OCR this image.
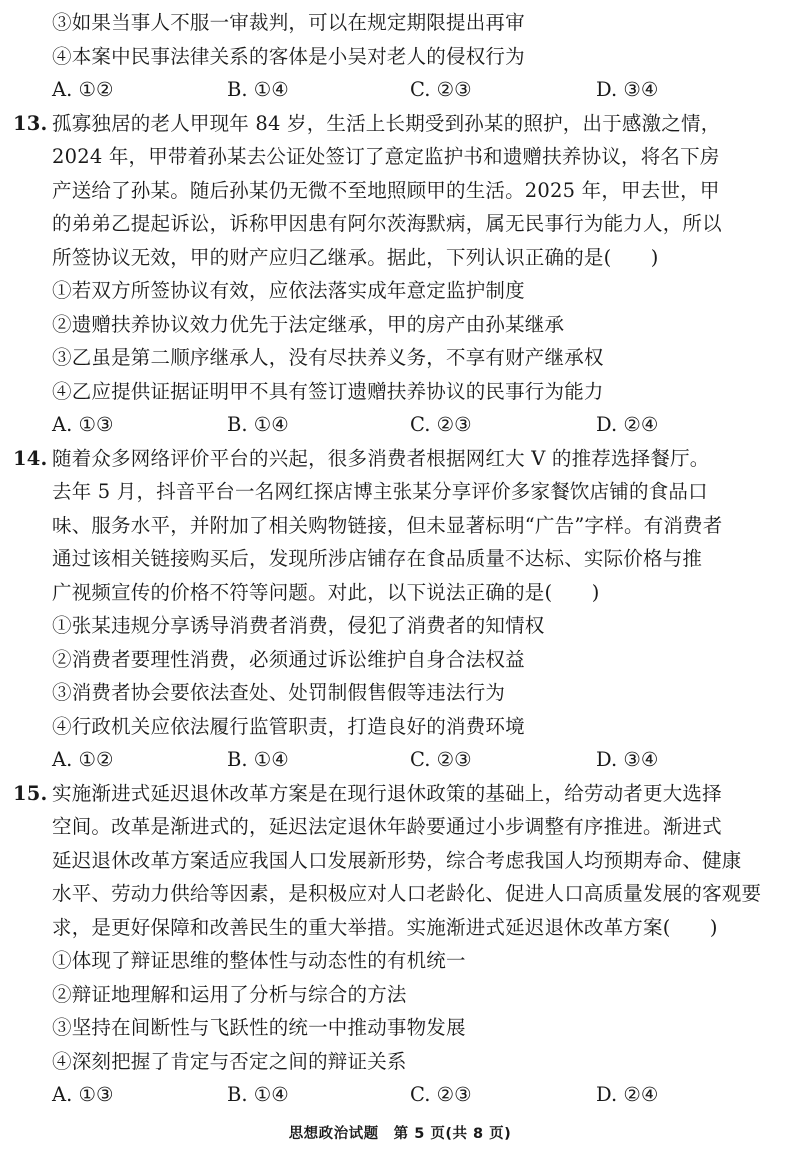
③如果当事人不服一审裁判，可以在规定期限提出再审
④本案中民事法律关系的客体是小吴对老人的侵权行为
A. ①②	B. ①④	C. ②③	D. ③④
13. 孤寡独居的老人甲现年 84 岁，生活上长期受到孙某的照护，出于感激之情，
2024 年，甲带着孙某去公证处签订了意定监护书和遗赠扶养协议，将名下房
产送给了孙某。随后孙某仍无微不至地照顾甲的生活。2025 年，甲去世，甲
的弟弟乙提起诉讼，诉称甲因患有阿尔茨海默病，属无民事行为能力人，所以
所签协议无效，甲的财产应归乙继承。据此，下列认识正确的是(　　)
①若双方所签协议有效，应依法落实成年意定监护制度
②遗赠扶养协议效力优先于法定继承，甲的房产由孙某继承
③乙虽是第二顺序继承人，没有尽扶养义务，不享有财产继承权
④乙应提供证据证明甲不具有签订遗赠扶养协议的民事行为能力
A. ①③	B. ①④	C. ②③	D. ②④
14. 随着众多网络评价平台的兴起，很多消费者根据网红大 V 的推荐选择餐厅。
去年 5 月，抖音平台一名网红探店博主张某分享评价多家餐饮店铺的食品口
味、服务水平，并附加了相关购物链接，但未显著标明“广告”字样。有消费者
通过该相关链接购买后，发现所涉店铺存在食品质量不达标、实际价格与推
广视频宣传的价格不符等问题。对此，以下说法正确的是(　　)
①张某违规分享诱导消费者消费，侵犯了消费者的知情权
②消费者要理性消费，必须通过诉讼维护自身合法权益
③消费者协会要依法查处、处罚制假售假等违法行为
④行政机关应依法履行监管职责，打造良好的消费环境
A. ①②	B. ①④	C. ②③	D. ③④
15. 实施渐进式延迟退休改革方案是在现行退休政策的基础上，给劳动者更大选择
空间。改革是渐进式的，延迟法定退休年龄要通过小步调整有序推进。渐进式
延迟退休改革方案适应我国人口发展新形势，综合考虑我国人均预期寿命、健康
水平、劳动力供给等因素，是积极应对人口老龄化、促进人口高质量发展的客观要
求，是更好保障和改善民生的重大举措。实施渐进式延迟退休改革方案(　　)
①体现了辩证思维的整体性与动态性的有机统一
②辩证地理解和运用了分析与综合的方法
③坚持在间断性与飞跃性的统一中推动事物发展
④深刻把握了肯定与否定之间的辩证关系
A. ①③	B. ①④	C. ②③	D. ②④
思想政治试题　第 5 页(共 8 页)
